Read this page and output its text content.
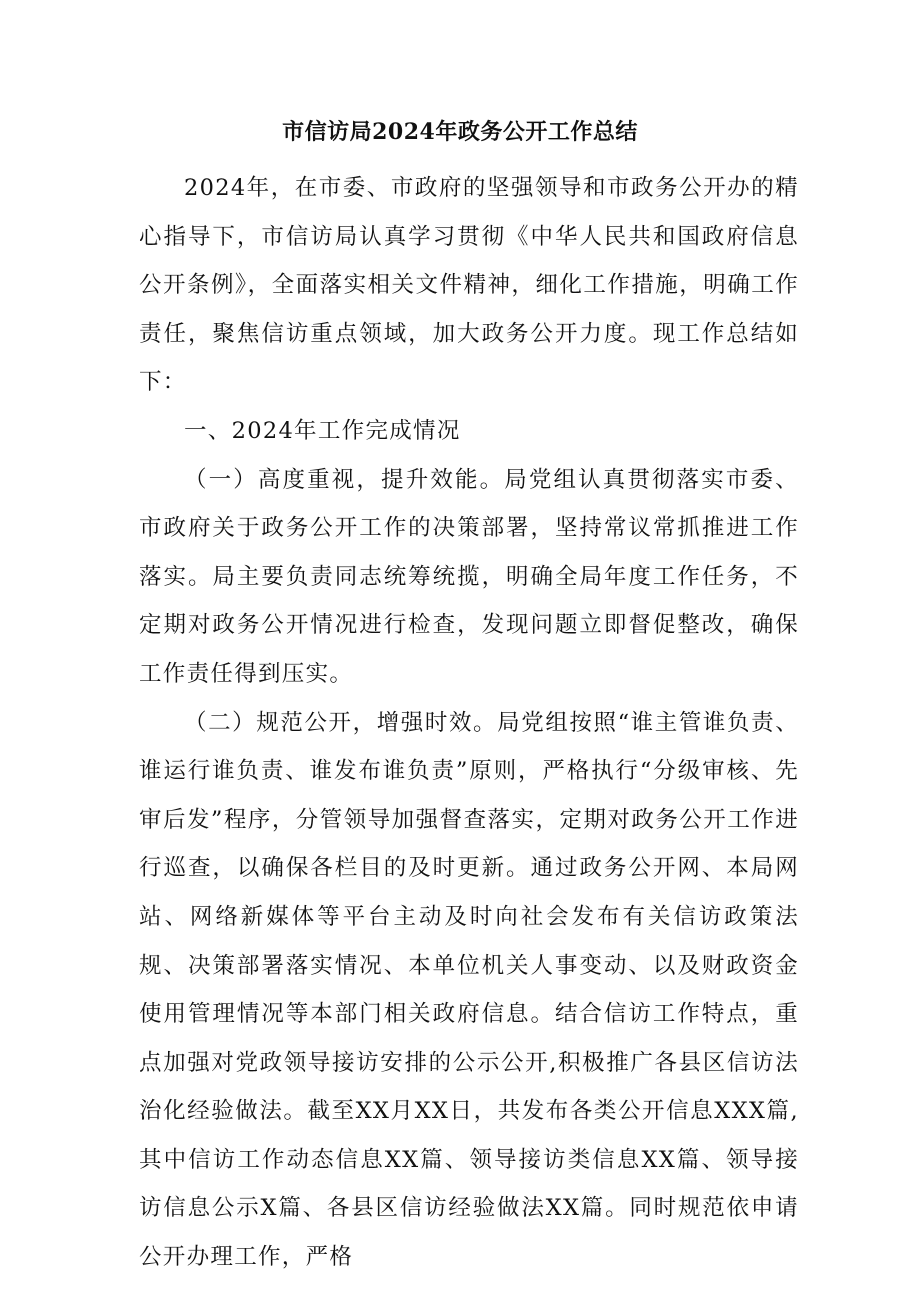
市信访局2024年政务公开工作总结

2024年，在市委、市政府的坚强领导和市政务公开办的精心指导下，市信访局认真学习贯彻《中华人民共和国政府信息公开条例》，全面落实相关文件精神，细化工作措施，明确工作责任，聚焦信访重点领域，加大政务公开力度。现工作总结如下：

一、2024年工作完成情况

（一）高度重视，提升效能。局党组认真贯彻落实市委、市政府关于政务公开工作的决策部署，坚持常议常抓推进工作落实。局主要负责同志统筹统揽，明确全局年度工作任务，不定期对政务公开情况进行检查，发现问题立即督促整改，确保工作责任得到压实。

（二）规范公开，增强时效。局党组按照“谁主管谁负责、谁运行谁负责、谁发布谁负责”原则，严格执行“分级审核、先审后发”程序，分管领导加强督查落实，定期对政务公开工作进行巡查，以确保各栏目的及时更新。通过政务公开网、本局网站、网络新媒体等平台主动及时向社会发布有关信访政策法规、决策部署落实情况、本单位机关人事变动、以及财政资金使用管理情况等本部门相关政府信息。结合信访工作特点，重点加强对党政领导接访安排的公示公开,积极推广各县区信访法治化经验做法。截至XX月XX日，共发布各类公开信息XXX篇,其中信访工作动态信息XX篇、领导接访类信息XX篇、领导接访信息公示X篇、各县区信访经验做法XX篇。同时规范依申请公开办理工作，严格
